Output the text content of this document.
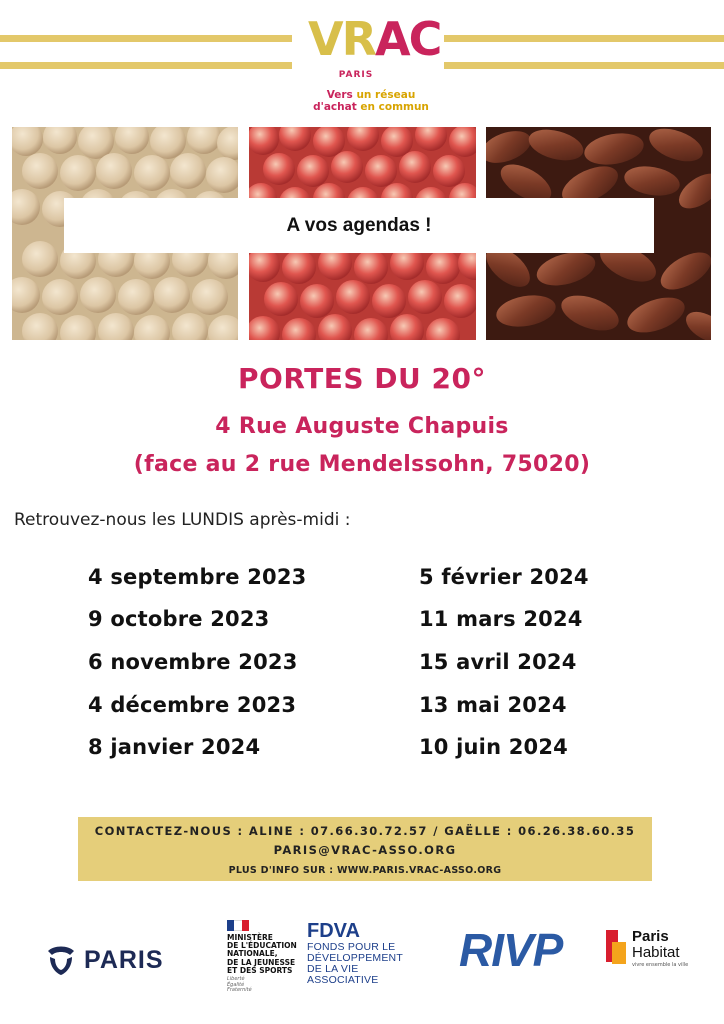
VRAC
PARIS
Vers un réseau
d'achat en commun
A vos agendas !
PORTES DU 20°
4 Rue Auguste Chapuis
(face au 2 rue Mendelssohn, 75020)
Retrouvez-nous les LUNDIS après-midi :
4 septembre 2023
9 octobre 2023
6 novembre 2023
4 décembre 2023
8 janvier 2024
5 février 2024
11 mars 2024
15 avril 2024
13 mai 2024
10 juin 2024
CONTACTEZ-NOUS : ALINE : 07.66.30.72.57 / GAËLLE : 06.26.38.60.35
PARIS@VRAC-ASSO.ORG
PLUS D'INFO SUR : WWW.PARIS.VRAC-ASSO.ORG
PARIS
MINISTÈRE
DE L'ÉDUCATION
NATIONALE,
DE LA JEUNESSE
ET DES SPORTS
Liberté
Égalité
Fraternité
FDVA
FONDS POUR LE
DÉVELOPPEMENT
DE LA VIE
ASSOCIATIVE
RIVP	Paris
Habitat
vivre ensemble la ville
